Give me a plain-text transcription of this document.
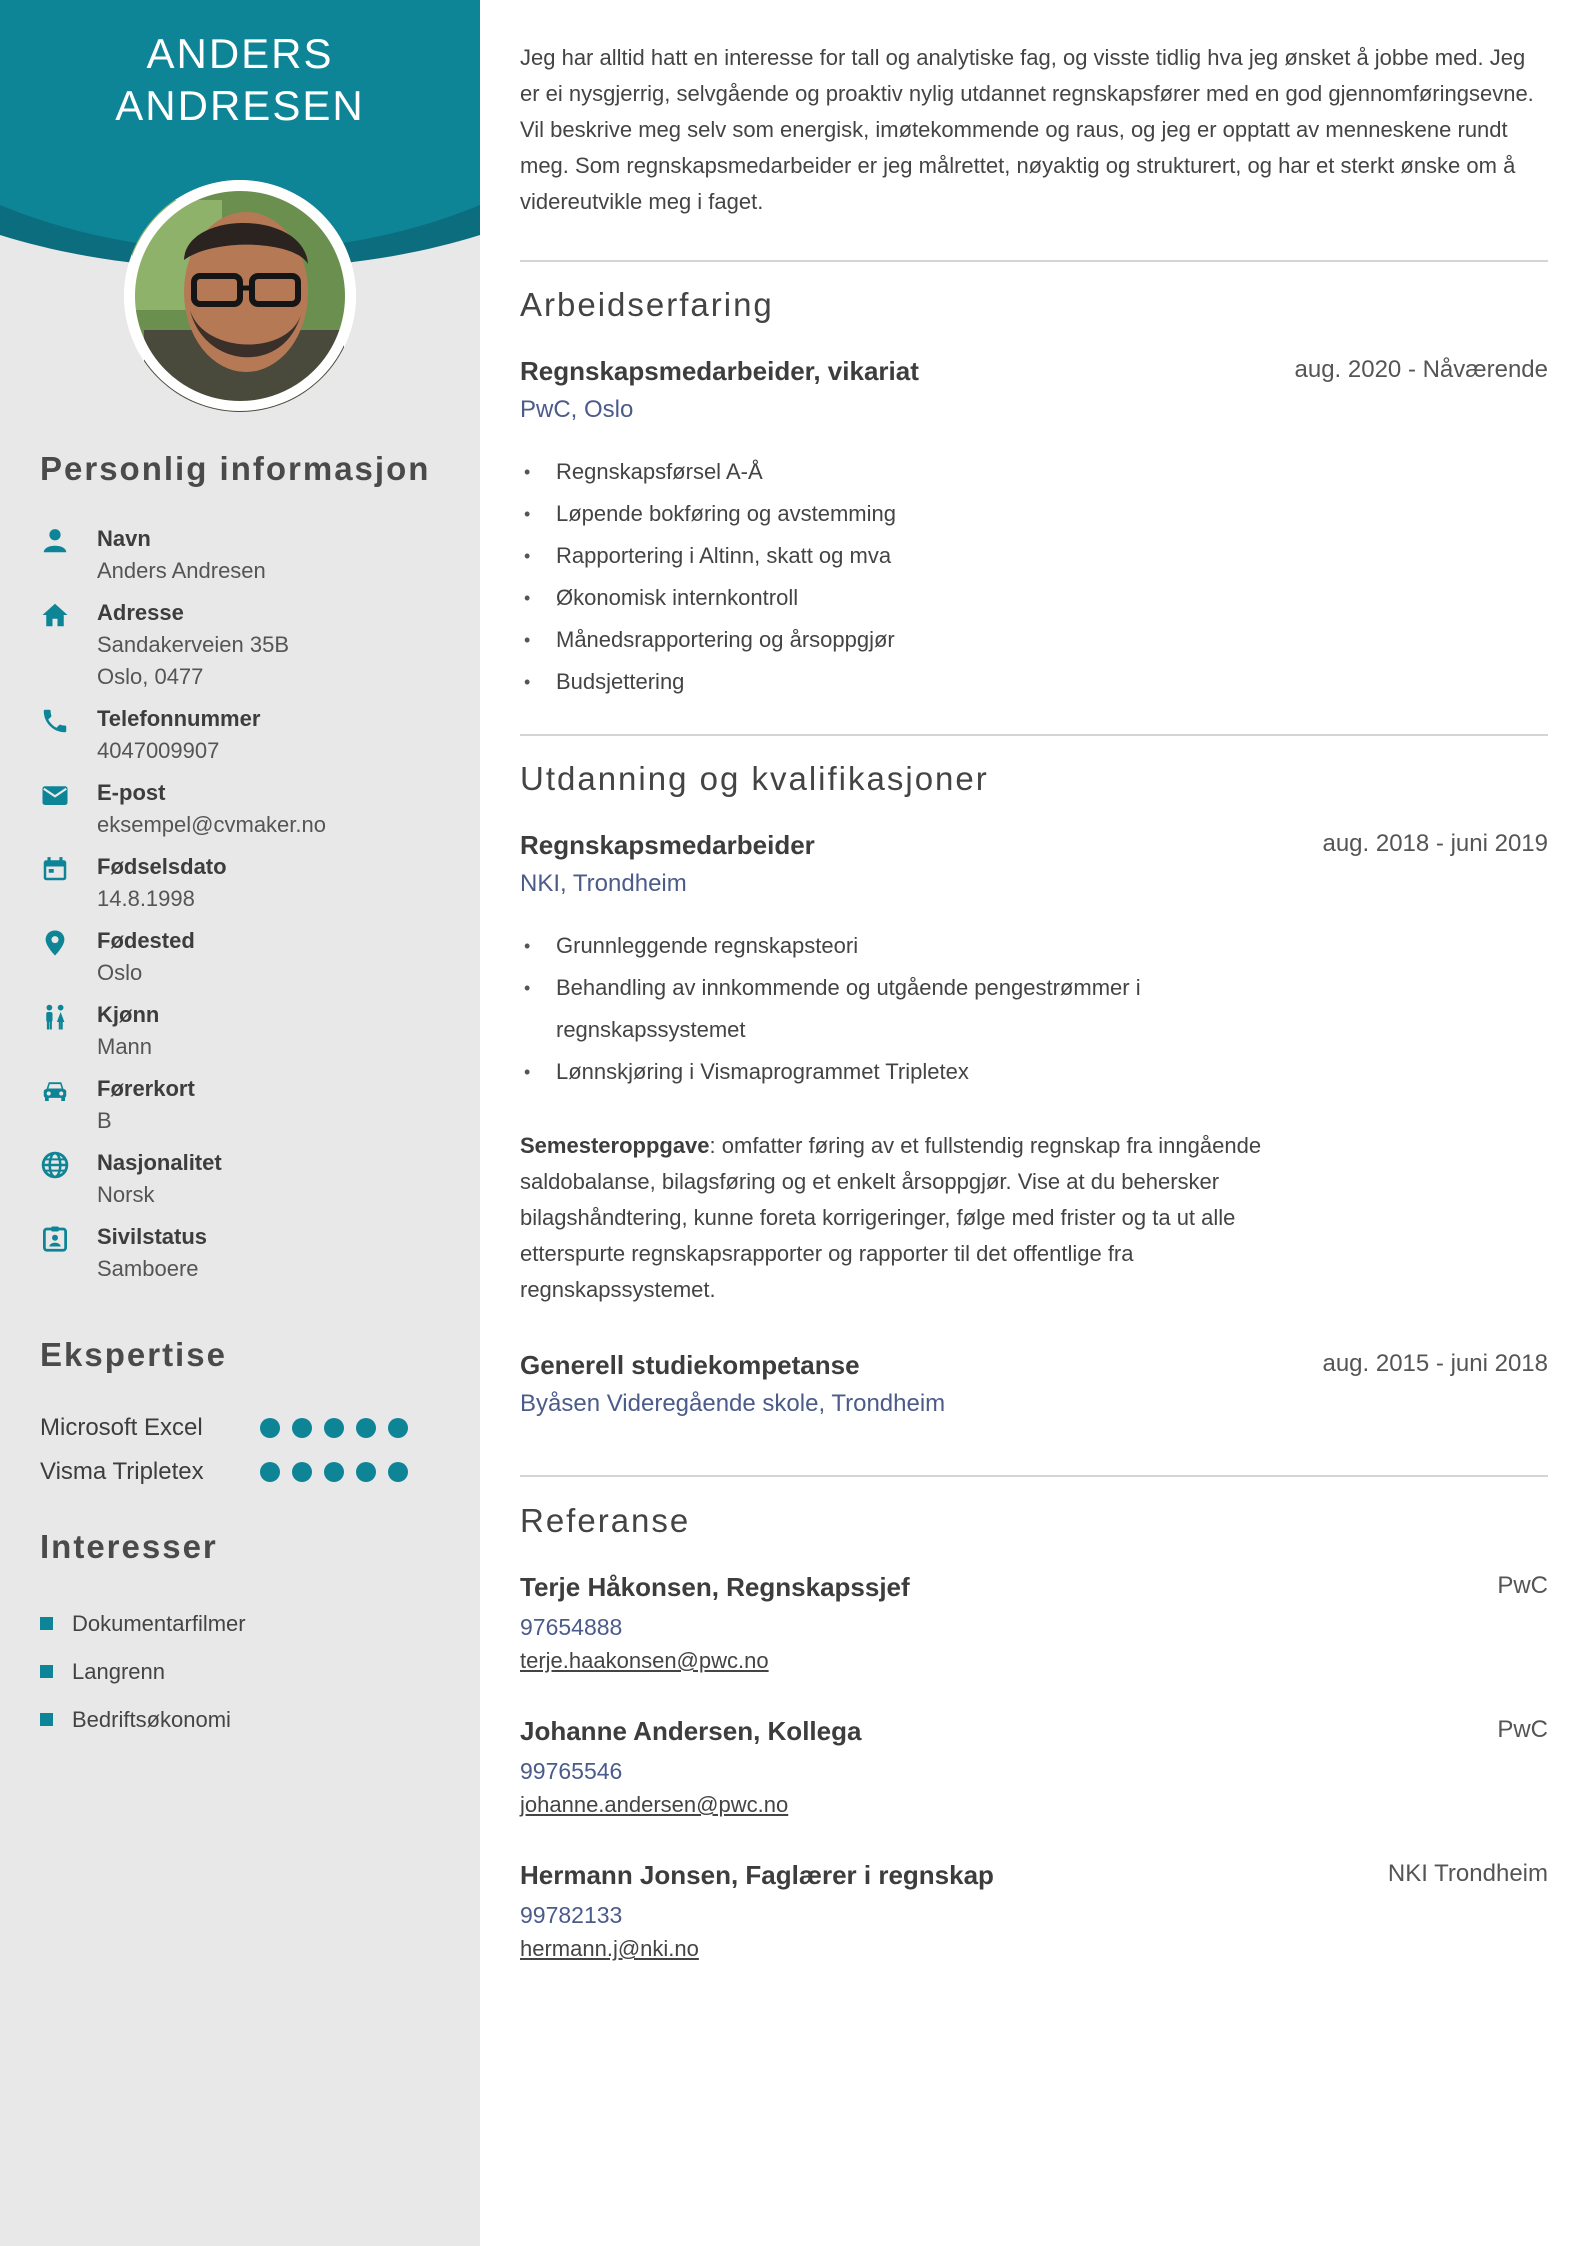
ANDERS
ANDRESEN
Personlig informasjon
Navn
Anders Andresen
Adresse
Sandakerveien 35B
Oslo, 0477
Telefonnummer
4047009907
E-post
eksempel@cvmaker.no
Fødselsdato
14.8.1998
Fødested
Oslo
Kjønn
Mann
Førerkort
B
Nasjonalitet
Norsk
Sivilstatus
Samboere
Ekspertise
Microsoft Excel
Visma Tripletex
Interesser
Dokumentarfilmer
Langrenn
Bedriftsøkonomi

Jeg har alltid hatt en interesse for tall og analytiske fag, og visste tidlig hva jeg ønsket å jobbe med. Jeg er ei nysgjerrig, selvgående og proaktiv nylig utdannet regnskapsfører med en god gjennomføringsevne. Vil beskrive meg selv som energisk, imøtekommende og raus, og jeg er opptatt av menneskene rundt meg. Som regnskapsmedarbeider er jeg målrettet, nøyaktig og strukturert, og har et sterkt ønske om å videreutvikle meg i faget.

Arbeidserfaring
Regnskapsmedarbeider, vikariat	aug. 2020 - Nåværende
PwC, Oslo
• Regnskapsførsel A-Å
• Løpende bokføring og avstemming
• Rapportering i Altinn, skatt og mva
• Økonomisk internkontroll
• Månedsrapportering og årsoppgjør
• Budsjettering
Utdanning og kvalifikasjoner
Regnskapsmedarbeider	aug. 2018 - juni 2019
NKI, Trondheim
• Grunnleggende regnskapsteori
• Behandling av innkommende og utgående pengestrømmer i regnskapssystemet
• Lønnskjøring i Vismaprogrammet Tripletex

Semesteroppgave: omfatter føring av et fullstendig regnskap fra inngående saldobalanse, bilagsføring og et enkelt årsoppgjør. Vise at du behersker bilagshåndtering, kunne foreta korrigeringer, følge med frister og ta ut alle etterspurte regnskapsrapporter og rapporter til det offentlige fra regnskapssystemet.

Generell studiekompetanse	aug. 2015 - juni 2018
Byåsen Videregående skole, Trondheim
Referanse
Terje Håkonsen, Regnskapssjef	PwC
97654888
terje.haakonsen@pwc.no
Johanne Andersen, Kollega	PwC
99765546
johanne.andersen@pwc.no
Hermann Jonsen, Faglærer i regnskap	NKI Trondheim
99782133
hermann.j@nki.no
